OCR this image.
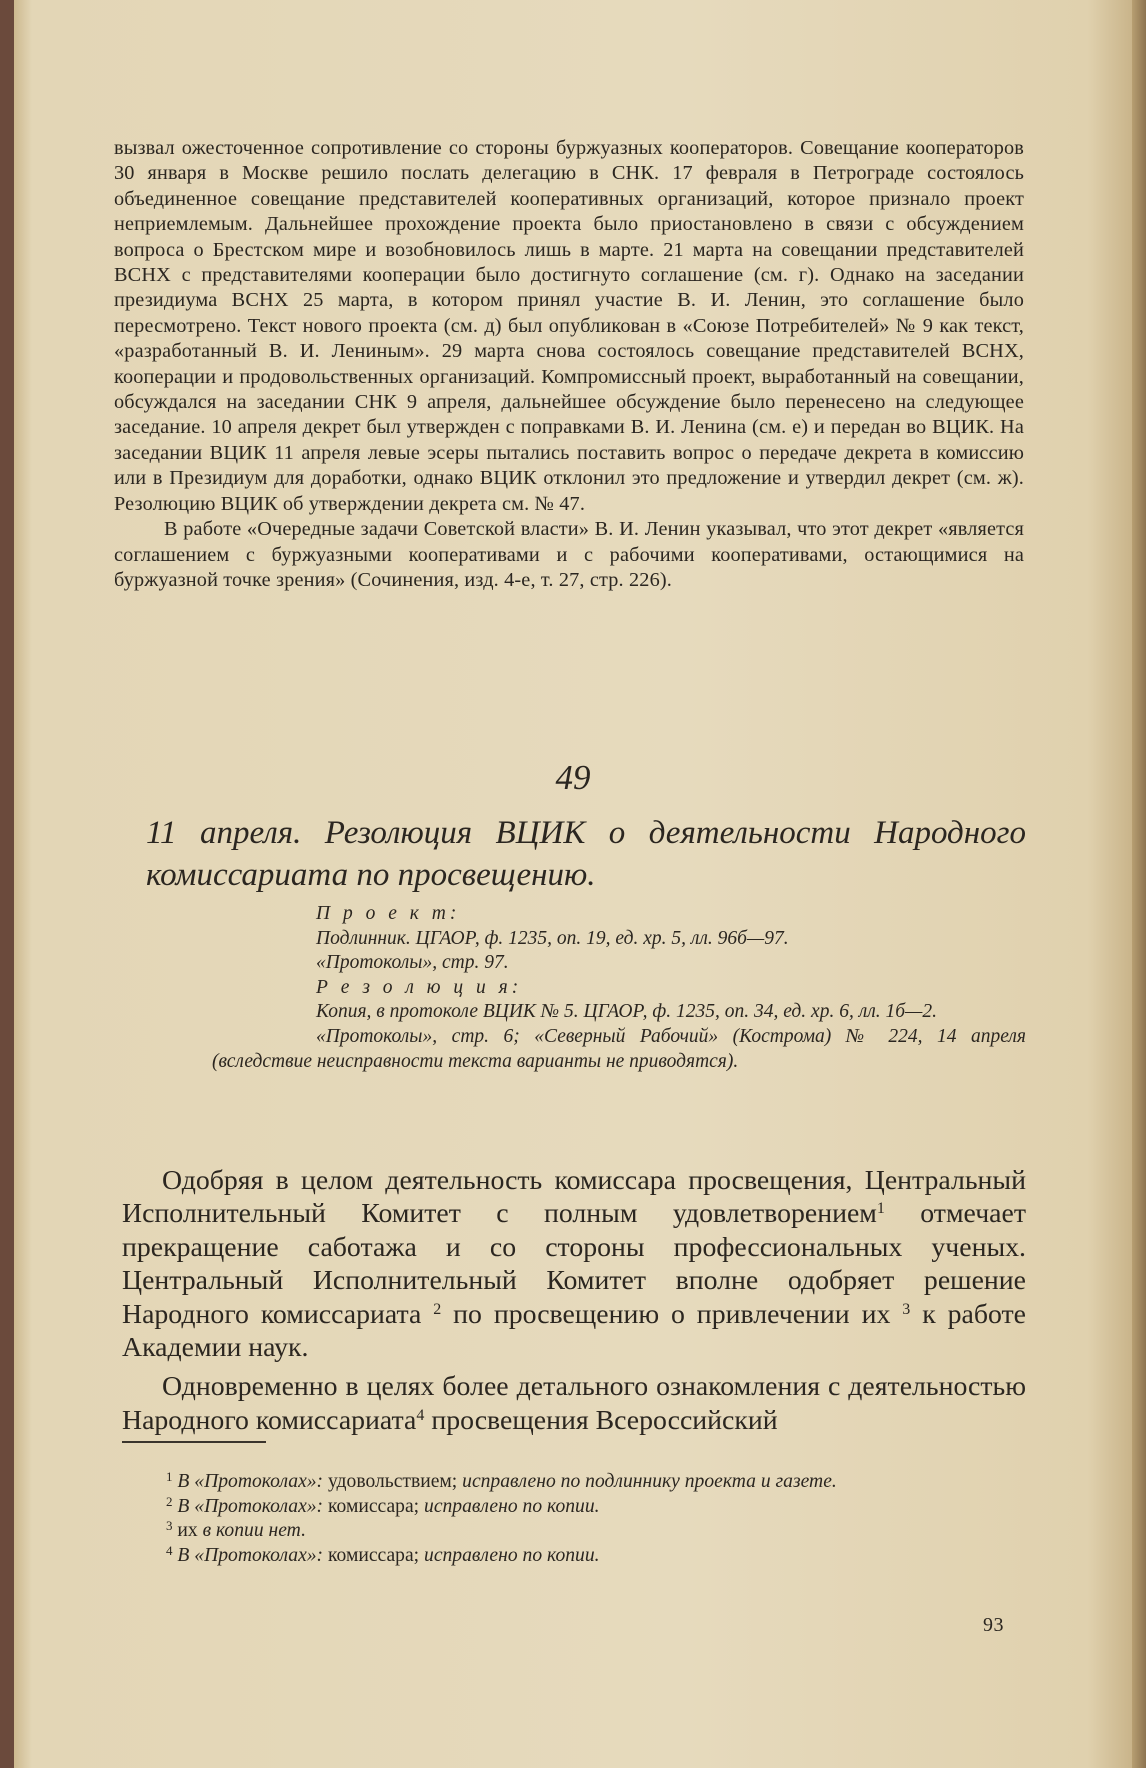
вызвал ожесточенное сопротивление со стороны буржуазных кооператоров. Совещание кооператоров 30 января в Москве решило послать делегацию в СНК. 17 февраля в Петрограде состоялось объединенное совещание представителей кооперативных организаций, которое признало проект неприемлемым. Дальнейшее прохождение проекта было приостановлено в связи с обсуждением вопроса о Брестском мире и возобновилось лишь в марте. 21 марта на совещании представителей ВСНХ с представителями кооперации было достигнуто соглашение (см. г). Однако на заседании президиума ВСНХ 25 марта, в котором принял участие В. И. Ленин, это соглашение было пересмотрено. Текст нового проекта (см. д) был опубликован в «Союзе Потребителей» № 9 как текст, «разработанный В. И. Лениным». 29 марта снова состоялось совещание представителей ВСНХ, кооперации и продовольственных организаций. Компромиссный проект, выработанный на совещании, обсуждался на заседании СНК 9 апреля, дальнейшее обсуждение было перенесено на следующее заседание. 10 апреля декрет был утвержден с поправками В. И. Ленина (см. е) и передан во ВЦИК. На заседании ВЦИК 11 апреля левые эсеры пытались поставить вопрос о передаче декрета в комиссию или в Президиум для доработки, однако ВЦИК отклонил это предложение и утвердил декрет (см. ж). Резолюцию ВЦИК об утверждении декрета см. № 47.

В работе «Очередные задачи Советской власти» В. И. Ленин указывал, что этот декрет «является соглашением с буржуазными кооперативами и с рабочими кооперативами, остающимися на буржуазной точке зрения» (Сочинения, изд. 4-е, т. 27, стр. 226).

49

11 апреля. Резолюция ВЦИК о деятельности Народного комиссариата по просвещению.

П р о е к т:

Подлинник. ЦГАОР, ф. 1235, оп. 19, ед. хр. 5, лл. 96б—97.

«Протоколы», стр. 97.

Р е з о л ю ц и я:

Копия, в протоколе ВЦИК № 5. ЦГАОР, ф. 1235, оп. 34, ед. хр. 6, лл. 1б—2.

«Протоколы», стр. 6; «Северный Рабочий» (Кострома) № 224, 14 апреля (вследствие неисправности текста варианты не приводятся).

Одобряя в целом деятельность комиссара просвещения, Центральный Исполнительный Комитет с полным удовлетворением$^1$ отмечает прекращение саботажа и со стороны профессиональных ученых. Центральный Исполнительный Комитет вполне одобряет решение Народного комиссариата $^2$ по просвещению о привлечении их $^3$ к работе Академии наук.

Одновременно в целях более детального ознакомления с деятельностью Народного комиссариата$^4$ просвещения Всероссийский

$^1$ В «Протоколах»: удовольствием; исправлено по подлиннику проекта и газете.

$^2$ В «Протоколах»: комиссара; исправлено по копии.

$^3$ их в копии нет.

$^4$ В «Протоколах»: комиссара; исправлено по копии.

93
